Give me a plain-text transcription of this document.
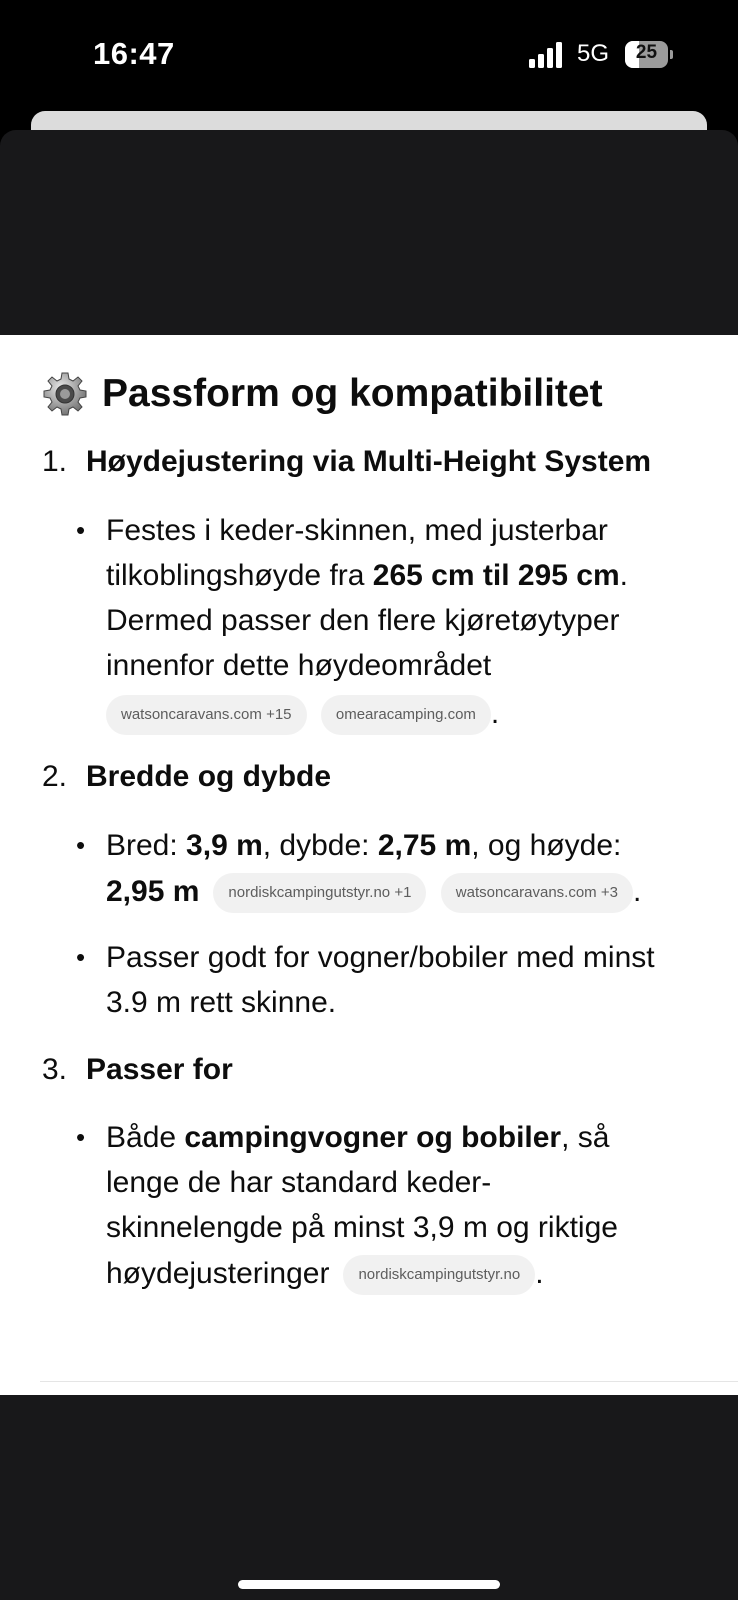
16:47	5G	25
Passform og kompatibilitet
1. Høydejustering via Multi-Height System
• Festes i keder-skinnen, med justerbar
tilkoblingshøyde fra 265 cm til 295 cm.
Dermed passer den flere kjøretøytyper
innenfor dette høydeområdet
watsoncaravans.com +15	omearacamping.com .
2. Bredde og dybde
• Bred: 3,9 m, dybde: 2,75 m, og høyde:
2,95 m nordiskcampingutstyr.no +1	watsoncaravans.com +3 .
• Passer godt for vogner/bobiler med minst
3.9 m rett skinne.
3. Passer for
• Både campingvogner og bobiler, så
lenge de har standard keder-
skinnelengde på minst 3,9 m og riktige
høydejusteringer nordiskcampingutstyr.no .
